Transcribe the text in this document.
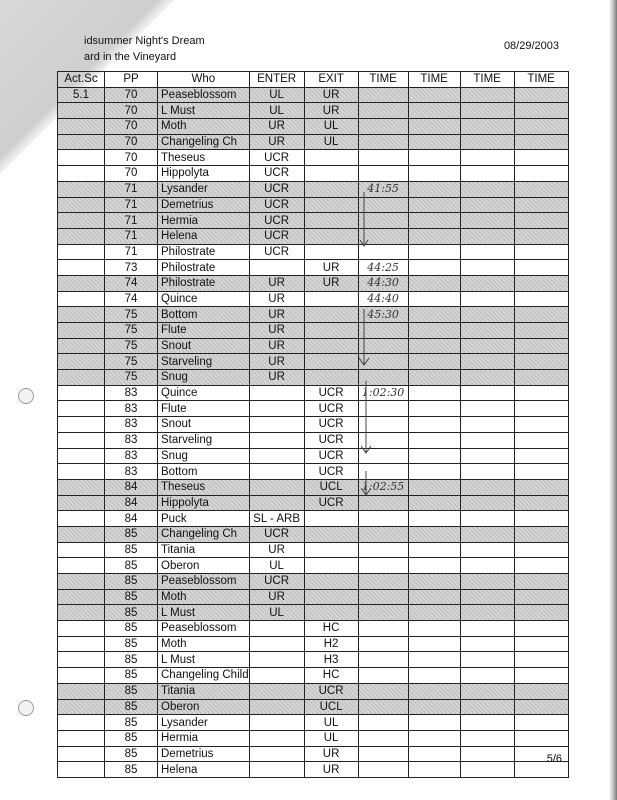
idsummer Night's Dream
ard in the Vineyard
08/29/2003
Act.Sc	PP	Who	ENTER	EXIT	TIME	TIME	TIME	TIME
5.1	70	Peaseblossom	UL	UR				
	70	L Must	UL	UR				
	70	Moth	UR	UL				
	70	Changeling Ch	UR	UL				
	70	Theseus	UCR					
	70	Hippolyta	UCR					
	71	Lysander	UCR		41:55			
	71	Demetrius	UCR					
	71	Hermia	UCR					
	71	Helena	UCR					
	71	Philostrate	UCR					
	73	Philostrate		UR	44:25			
	74	Philostrate	UR	UR	44:30			
	74	Quince	UR		44:40			
	75	Bottom	UR		45:30			
	75	Flute	UR					
	75	Snout	UR					
	75	Starveling	UR					
	75	Snug	UR					
	83	Quince		UCR	1:02:30			
	83	Flute		UCR				
	83	Snout		UCR				
	83	Starveling		UCR				
	83	Snug		UCR				
	83	Bottom		UCR				
	84	Theseus		UCL	1:02:55			
	84	Hippolyta		UCR				
	84	Puck	SL - ARB					
	85	Changeling Ch	UCR					
	85	Titania	UR					
	85	Oberon	UL					
	85	Peaseblossom	UCR					
	85	Moth	UR					
	85	L Must	UL					
	85	Peaseblossom		HC				
	85	Moth		H2				
	85	L Must		H3				
	85	Changeling Child		HC				
	85	Titania		UCR				
	85	Oberon		UCL				
	85	Lysander		UL				
	85	Hermia		UL				
	85	Demetrius		UR				
	85	Helena		UR				
5/6
